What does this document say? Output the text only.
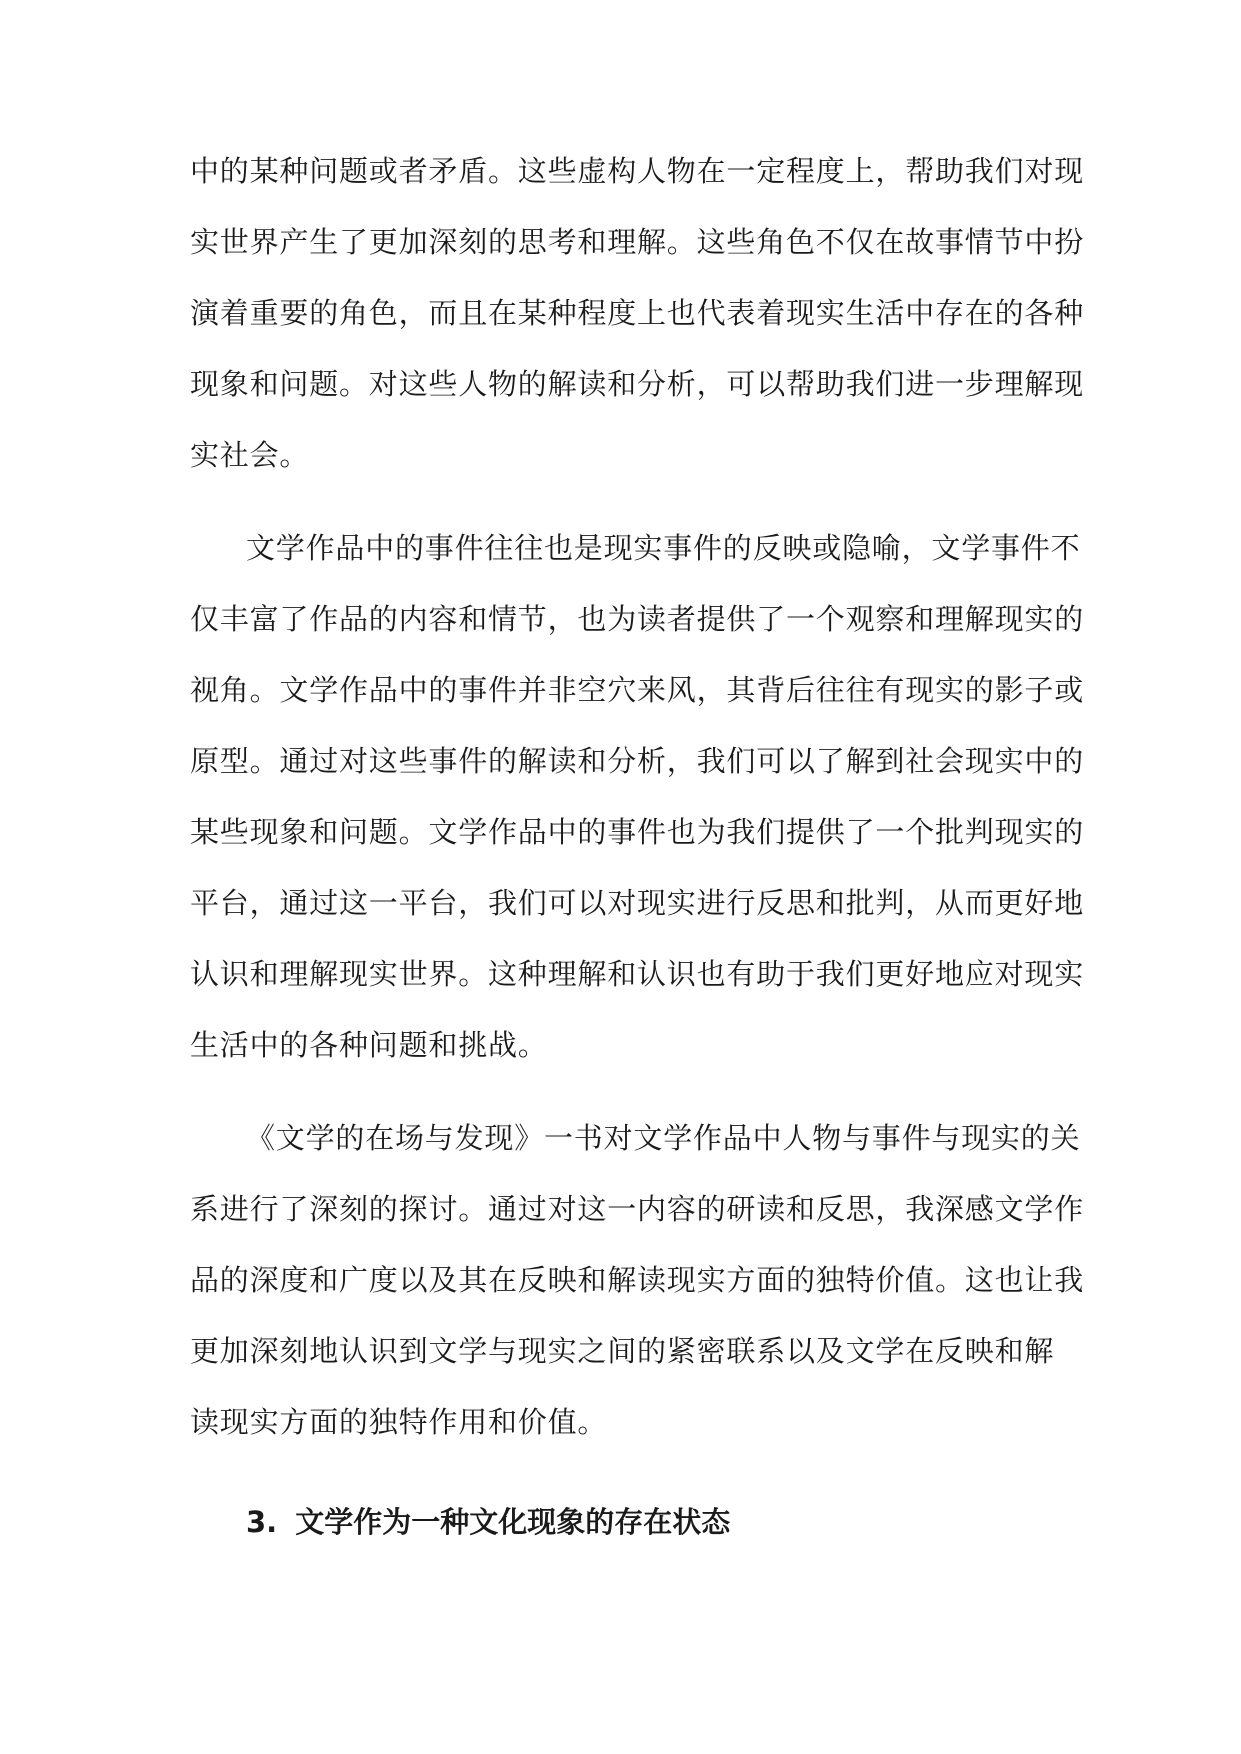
中的某种问题或者矛盾。这些虚构人物在一定程度上，帮助我们对现
实世界产生了更加深刻的思考和理解。这些角色不仅在故事情节中扮
演着重要的角色，而且在某种程度上也代表着现实生活中存在的各种
现象和问题。对这些人物的解读和分析，可以帮助我们进一步理解现
实社会。
文学作品中的事件往往也是现实事件的反映或隐喻，文学事件不
仅丰富了作品的内容和情节，也为读者提供了一个观察和理解现实的
视角。文学作品中的事件并非空穴来风，其背后往往有现实的影子或
原型。通过对这些事件的解读和分析，我们可以了解到社会现实中的
某些现象和问题。文学作品中的事件也为我们提供了一个批判现实的
平台，通过这一平台，我们可以对现实进行反思和批判，从而更好地
认识和理解现实世界。这种理解和认识也有助于我们更好地应对现实
生活中的各种问题和挑战。
《文学的在场与发现》一书对文学作品中人物与事件与现实的关
系进行了深刻的探讨。通过对这一内容的研读和反思，我深感文学作
品的深度和广度以及其在反映和解读现实方面的独特价值。这也让我
更加深刻地认识到文学与现实之间的紧密联系以及文学在反映和解
读现实方面的独特作用和价值。
3. 文学作为一种文化现象的存在状态
